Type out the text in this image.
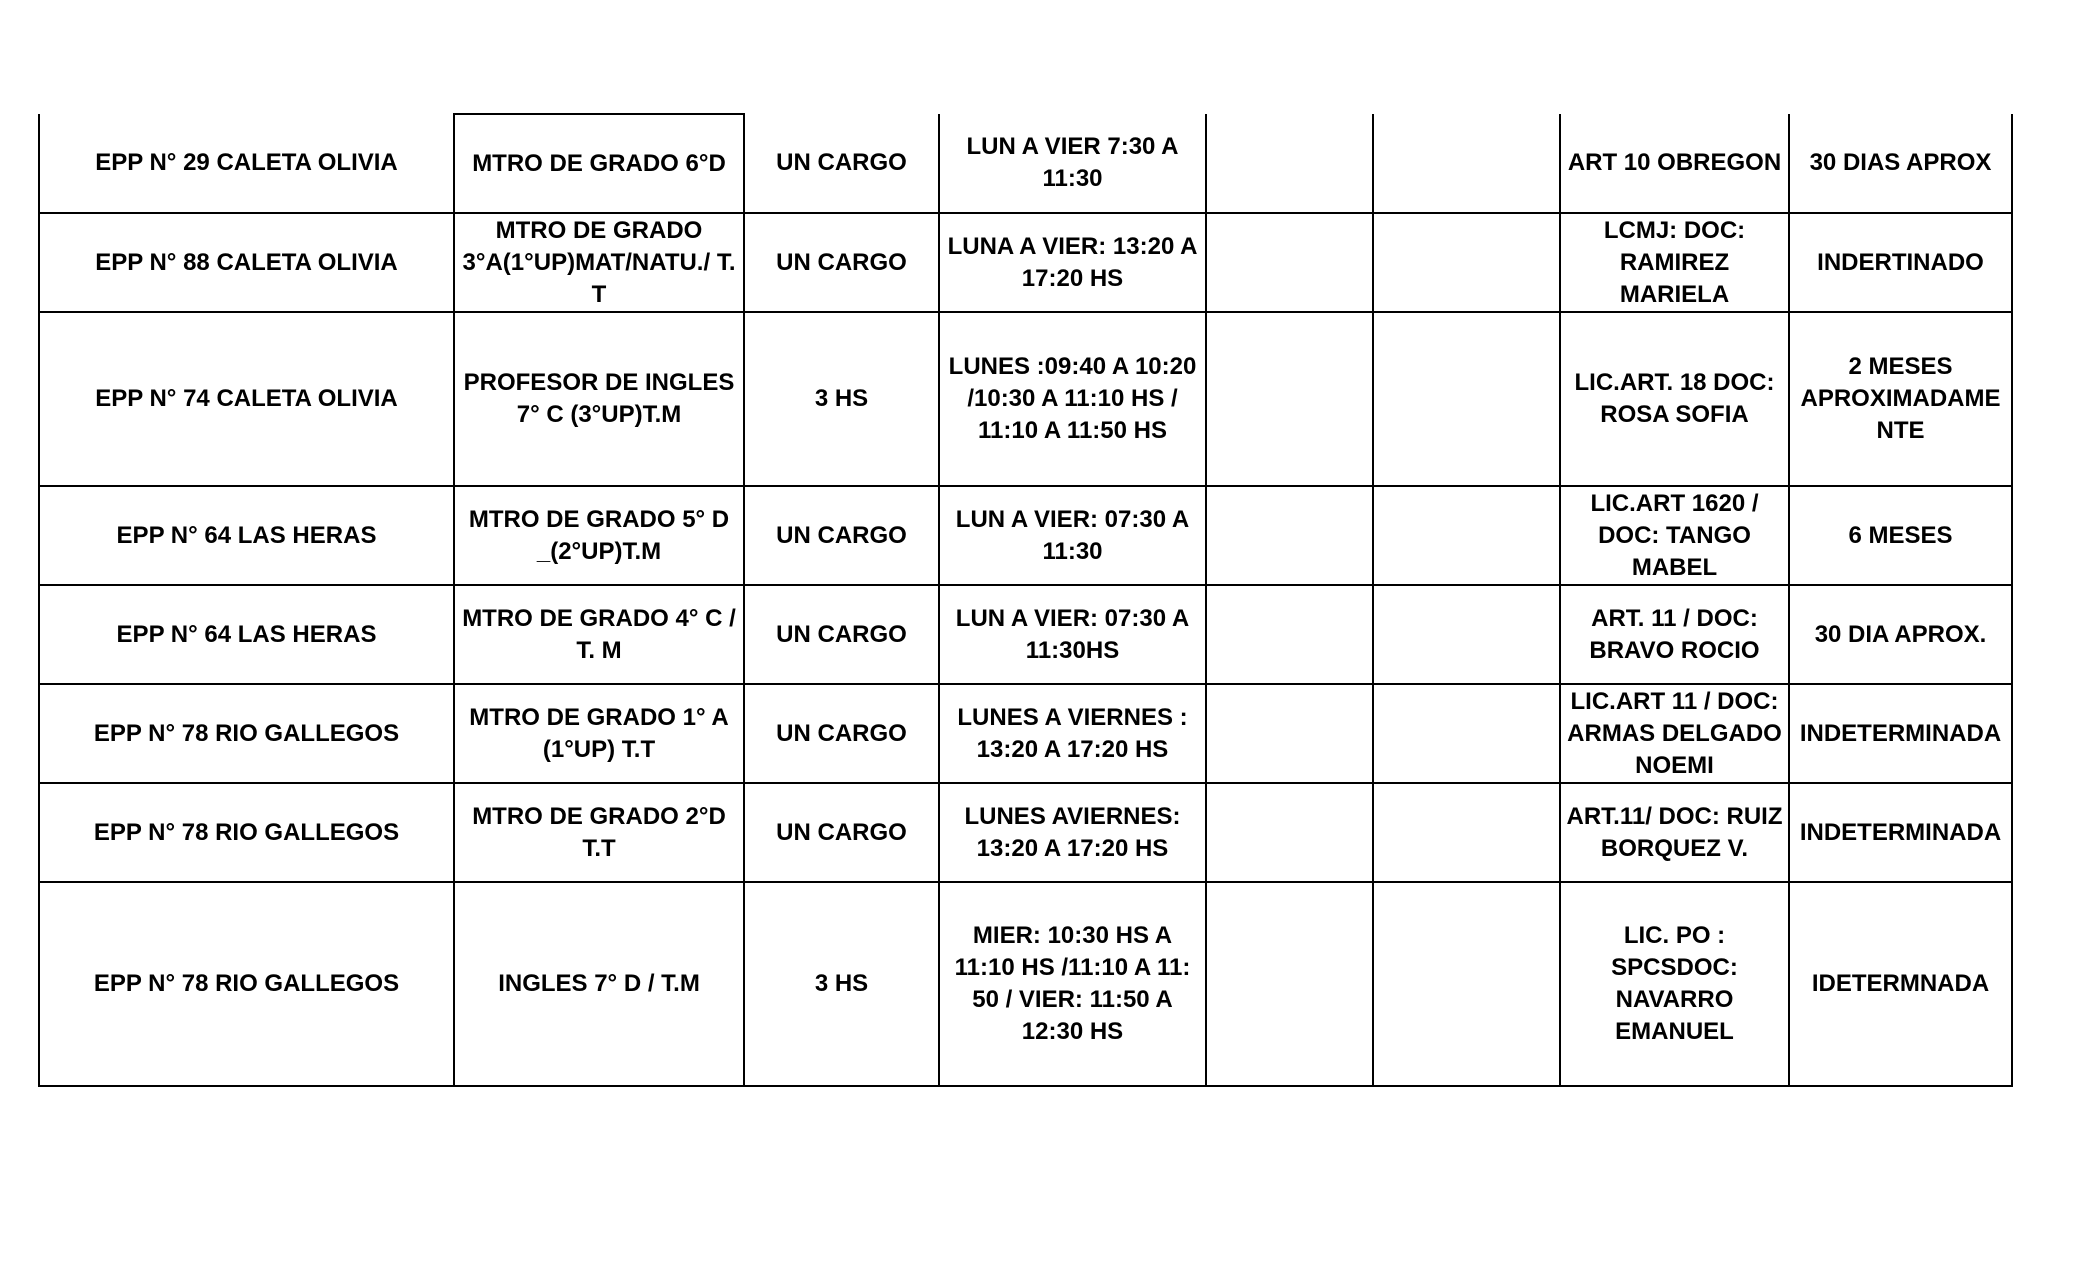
EPP N° 29 CALETA OLIVIA	MTRO DE GRADO 6°D	UN CARGO	LUN A VIER 7:30 A 11:30			ART 10 OBREGON	30 DIAS APROX
EPP N° 88 CALETA OLIVIA	MTRO DE GRADO 3°A(1°UP)MAT/NATU./ T. T	UN CARGO	LUNA A VIER: 13:20 A 17:20 HS			LCMJ: DOC: RAMIREZ MARIELA	INDERTINADO
EPP N° 74 CALETA OLIVIA	PROFESOR DE INGLES 7° C (3°UP)T.M	3 HS	LUNES :09:40 A 10:20 /10:30 A 11:10 HS / 11:10 A 11:50 HS			LIC.ART. 18 DOC: ROSA SOFIA	2 MESES APROXIMADAME NTE
EPP N° 64 LAS HERAS	MTRO DE GRADO 5° D _(2°UP)T.M	UN CARGO	LUN A VIER: 07:30 A 11:30			LIC.ART 1620 / DOC: TANGO MABEL	6 MESES
EPP N° 64 LAS HERAS	MTRO DE GRADO 4° C / T. M	UN CARGO	LUN A VIER: 07:30 A 11:30HS			ART. 11 / DOC: BRAVO ROCIO	30 DIA APROX.
EPP N° 78 RIO GALLEGOS	MTRO DE GRADO 1° A (1°UP) T.T	UN CARGO	LUNES A VIERNES : 13:20 A 17:20 HS			LIC.ART 11 / DOC: ARMAS DELGADO NOEMI	INDETERMINADA
EPP N° 78 RIO GALLEGOS	MTRO DE GRADO 2°D T.T	UN CARGO	LUNES AVIERNES: 13:20 A 17:20 HS			ART.11/ DOC: RUIZ BORQUEZ V.	INDETERMINADA
EPP N° 78 RIO GALLEGOS	INGLES 7° D / T.M	3 HS	MIER: 10:30 HS A 11:10 HS /11:10 A 11: 50 / VIER: 11:50 A 12:30 HS			LIC. PO : SPCSDOC: NAVARRO EMANUEL	IDETERMNADA
